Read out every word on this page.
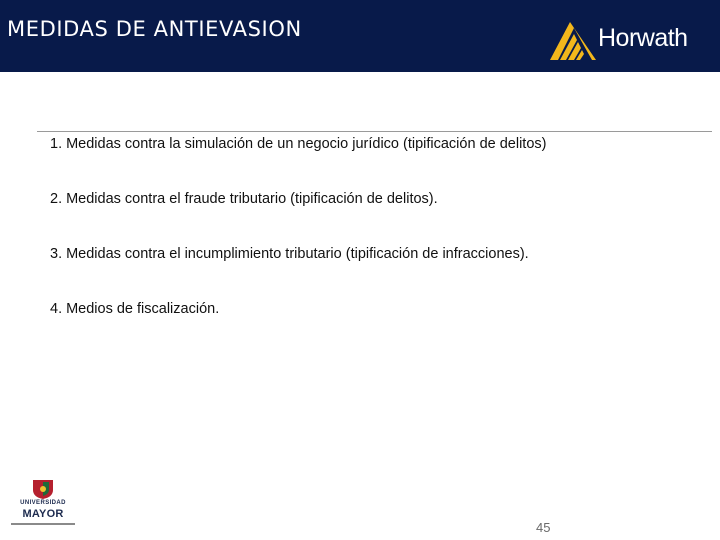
MEDIDAS DE ANTIEVASION	Horwath
1. Medidas contra la simulación de un negocio jurídico (tipificación de delitos)
2. Medidas contra el fraude tributario (tipificación de delitos).
3. Medidas contra el incumplimiento tributario (tipificación de infracciones).
4. Medios de fiscalización.
UNIVERSIDAD
MAYOR
45
